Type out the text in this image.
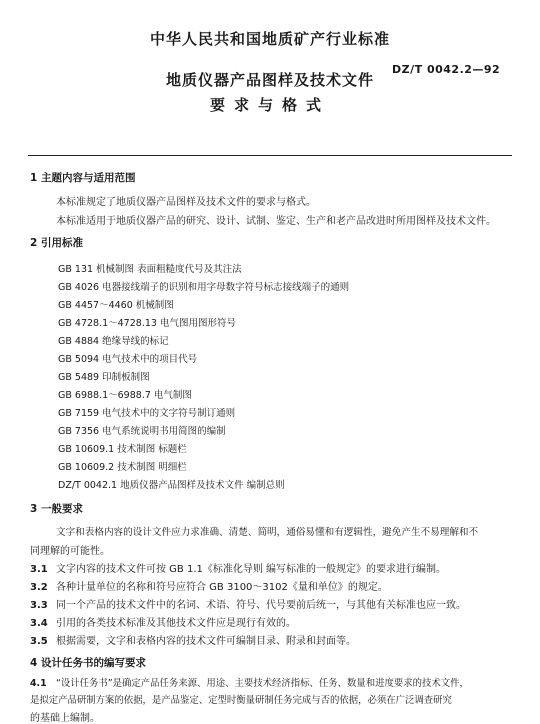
中华人民共和国地质矿产行业标准
DZ/T 0042.2—92
地质仪器产品图样及技术文件
要求与格式
1 主题内容与适用范围
本标准规定了地质仪器产品图样及技术文件的要求与格式。
本标准适用于地质仪器产品的研究、设计、试制、鉴定、生产和老产品改进时所用图样及技术文件。
2 引用标准
GB 131 机械制图 表面粗糙度代号及其注法
GB 4026 电器接线端子的识别和用字母数字符号标志接线端子的通则
GB 4457～4460 机械制图
GB 4728.1～4728.13 电气图用图形符号
GB 4884 绝缘导线的标记
GB 5094 电气技术中的项目代号
GB 5489 印制板制图
GB 6988.1～6988.7 电气制图
GB 7159 电气技术中的文字符号制订通则
GB 7356 电气系统说明书用简图的编制
GB 10609.1 技术制图 标题栏
GB 10609.2 技术制图 明细栏
DZ/T 0042.1 地质仪器产品图样及技术文件 编制总则
3 一般要求
文字和表格内容的设计文件应力求准确、清楚、简明，通俗易懂和有逻辑性，避免产生不易理解和不
同理解的可能性。
3.1 文字内容的技术文件可按 GB 1.1《标准化导则 编写标准的一般规定》的要求进行编制。
3.2 各种计量单位的名称和符号应符合 GB 3100～3102《量和单位》的规定。
3.3 同一个产品的技术文件中的名词、术语、符号、代号要前后统一，与其他有关标准也应一致。
3.4 引用的各类技术标准及其他技术文件应是现行有效的。
3.5 根据需要，文字和表格内容的技术文件可编制目录、附录和封面等。
4 设计任务书的编写要求
4.1 “设计任务书”是确定产品任务来源、用途、主要技术经济指标、任务、数量和进度要求的技术文件，
是拟定产品研制方案的依据，是产品鉴定、定型时衡量研制任务完成与否的依据，必须在广泛调查研究
的基础上编制。
